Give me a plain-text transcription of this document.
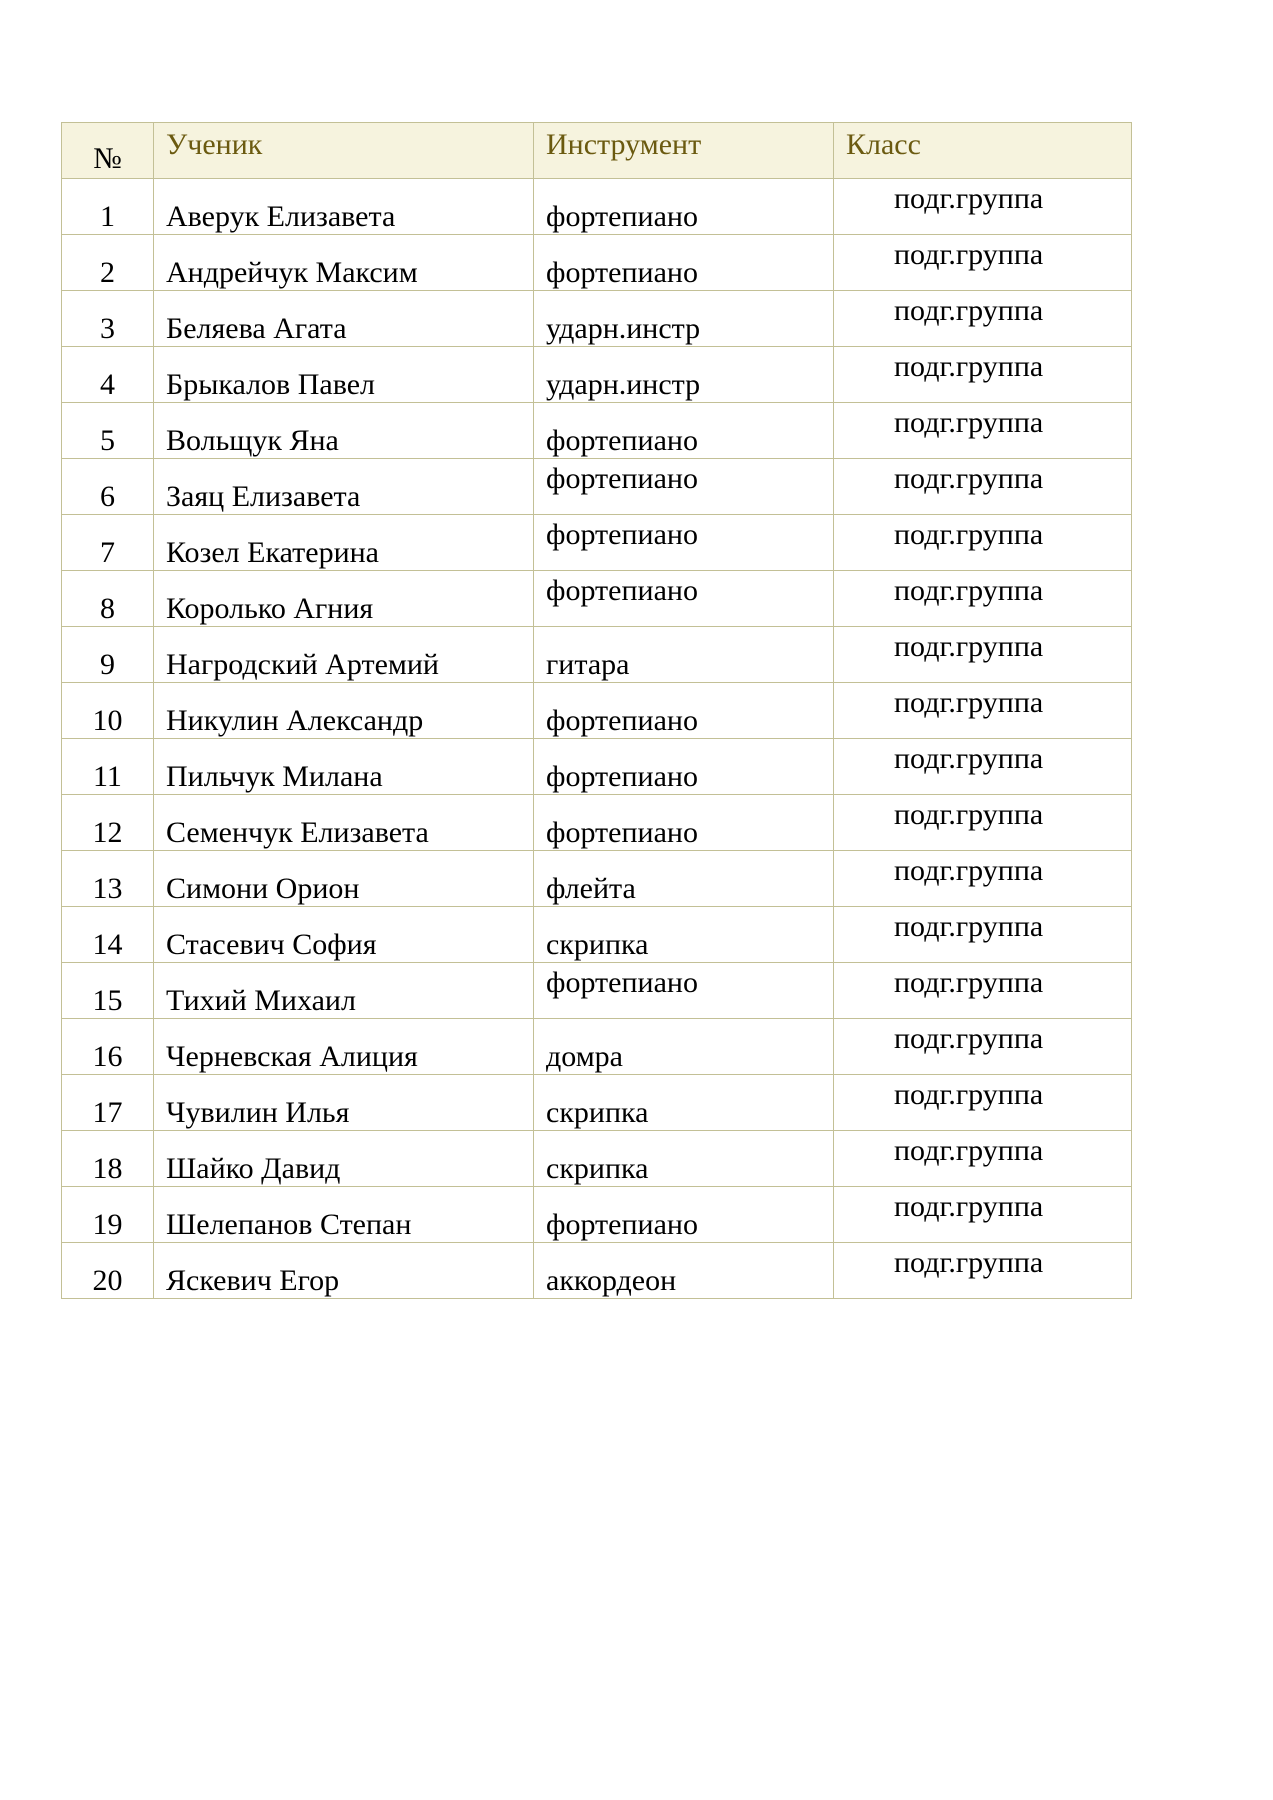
№	Ученик	Инструмент	Класс

1	Аверук Елизавета	фортепиано	подг.группа

2	Андрейчук Максим	фортепиано	подг.группа

3	Беляева Агата	ударн.инстр	подг.группа

4	Брыкалов Павел	ударн.инстр	подг.группа

5	Вольщук Яна	фортепиано	подг.группа

6	Заяц Елизавета	фортепиано	подг.группа

7	Козел Екатерина	фортепиано	подг.группа

8	Королько Агния	фортепиано	подг.группа

9	Нагродский Артемий	гитара	подг.группа

10	Никулин Александр	фортепиано	подг.группа

11	Пильчук Милана	фортепиано	подг.группа

12	Семенчук Елизавета	фортепиано	подг.группа

13	Симони Орион	флейта	подг.группа

14	Стасевич София	скрипка	подг.группа

15	Тихий Михаил	фортепиано	подг.группа

16	Черневская Алиция	домра	подг.группа

17	Чувилин Илья	скрипка	подг.группа

18	Шайко Давид	скрипка	подг.группа

19	Шелепанов Степан	фортепиано	подг.группа

20	Яскевич Егор	аккордеон	подг.группа
